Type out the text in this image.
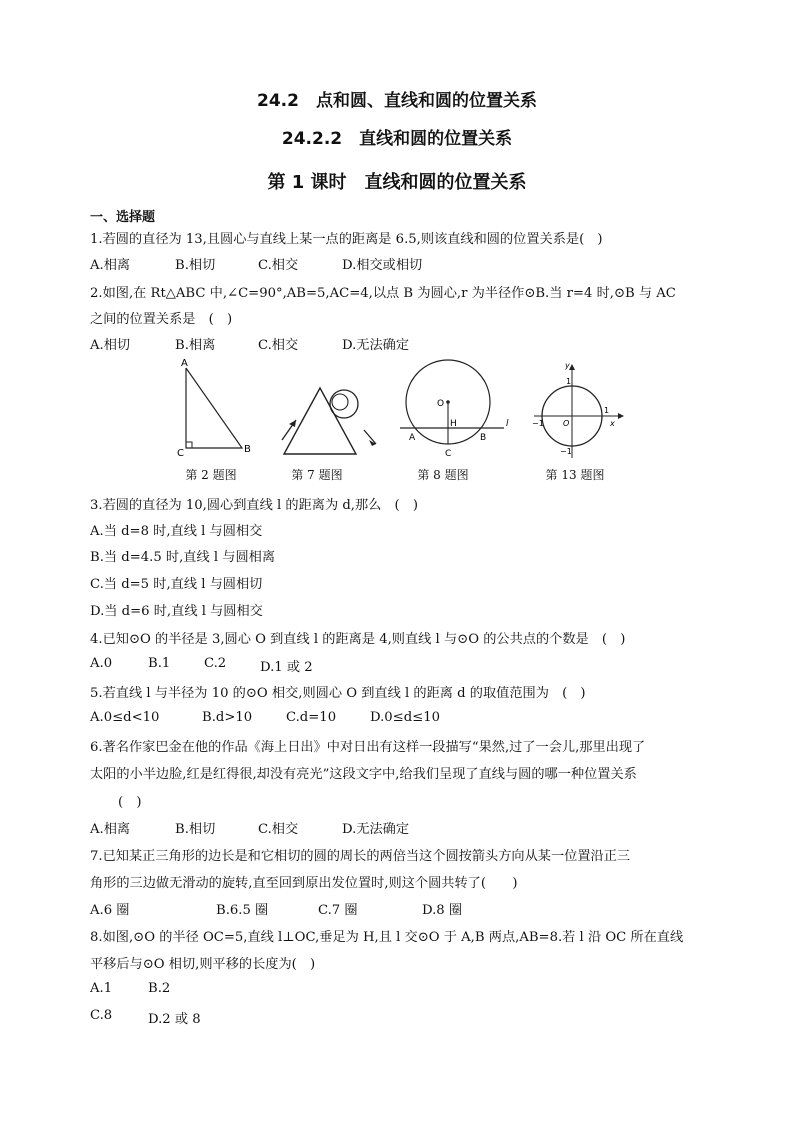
24.2　点和圆、直线和圆的位置关系
24.2.2　直线和圆的位置关系
第 1 课时　直线和圆的位置关系
一、选择题
1.若圆的直径为 13,且圆心与直线上某一点的距离是 6.5,则该直线和圆的位置关系是(　)
A.相离	B.相切	C.相交	D.相交或相切
2.如图,在 Rt△ABC 中,∠C=90°,AB=5,AC=4,以点 B 为圆心,r 为半径作⊙B.当 r=4 时,⊙B 与 AC
之间的位置关系是　(　)
A.相切	B.相离	C.相交	D.无法确定
A
C	B
第 2 题图	第 7 题图
O
H
A	B
C
l
第 8 题图
y
x
O
1
1
−1
−1
第 13 题图
3.若圆的直径为 10,圆心到直线 l 的距离为 d,那么　(　)
A.当 d=8 时,直线 l 与圆相交
B.当 d=4.5 时,直线 l 与圆相离
C.当 d=5 时,直线 l 与圆相切
D.当 d=6 时,直线 l 与圆相交
4.已知⊙O 的半径是 3,圆心 O 到直线 l 的距离是 4,则直线 l 与⊙O 的公共点的个数是　(　)
A.0	B.1	C.2	D.1 或 2
5.若直线 l 与半径为 10 的⊙O 相交,则圆心 O 到直线 l 的距离 d 的取值范围为　(　)
A.0≤d<10	B.d>10	C.d=10	D.0≤d≤10
6.著名作家巴金在他的作品《海上日出》中对日出有这样一段描写“果然,过了一会儿,那里出现了
太阳的小半边脸,红是红得很,却没有亮光”这段文字中,给我们呈现了直线与圆的哪一种位置关系
(　)
A.相离	B.相切	C.相交	D.无法确定
7.已知某正三角形的边长是和它相切的圆的周长的两倍当这个圆按箭头方向从某一位置沿正三
角形的三边做无滑动的旋转,直至回到原出发位置时,则这个圆共转了(　　)
A.6 圈	B.6.5 圈	C.7 圈	D.8 圈
8.如图,⊙O 的半径 OC=5,直线 l⊥OC,垂足为 H,且 l 交⊙O 于 A,B 两点,AB=8.若 l 沿 OC 所在直线
平移后与⊙O 相切,则平移的长度为(　)
A.1	B.2
C.8	D.2 或 8
